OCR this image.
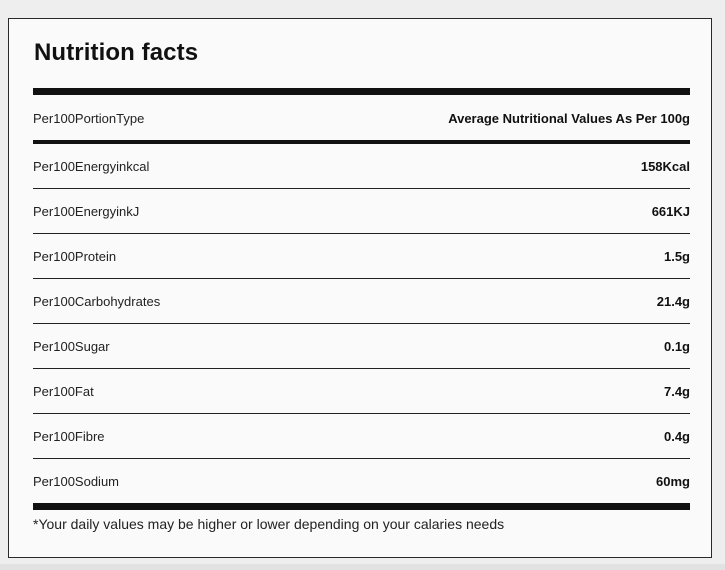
Nutrition facts
Per100PortionType	Average Nutritional Values As Per 100g
Per100Energyinkcal	158Kcal
Per100EnergyinkJ	661KJ
Per100Protein	1.5g
Per100Carbohydrates	21.4g
Per100Sugar	0.1g
Per100Fat	7.4g
Per100Fibre	0.4g
Per100Sodium	60mg
*Your daily values may be higher or lower depending on your calaries needs
